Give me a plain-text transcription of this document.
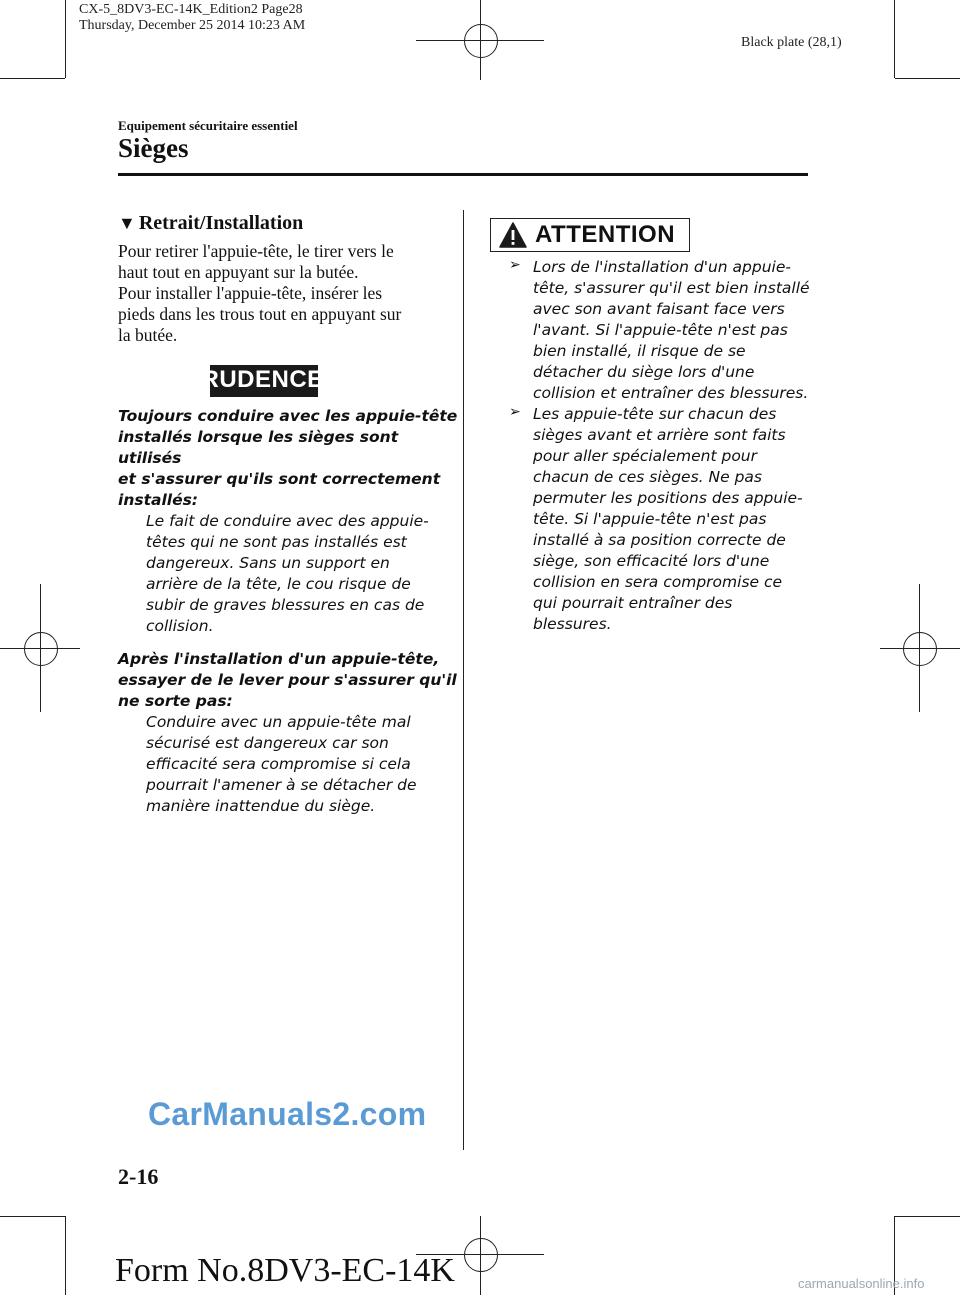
CX-5_8DV3-EC-14K_Edition2 Page28
Thursday, December 25 2014 10:23 AM
Black plate (28,1)
Equipement sécuritaire essentiel
Sièges
▼ Retrait/Installation
Pour retirer l'appuie-tête, le tirer vers le
haut tout en appuyant sur la butée.
Pour installer l'appuie-tête, insérer les
pieds dans les trous tout en appuyant sur
la butée.
PRUDENCE
Toujours conduire avec les appuie-tête
installés lorsque les sièges sont utilisés
et s'assurer qu'ils sont correctement
installés:
Le fait de conduire avec des appuie-
têtes qui ne sont pas installés est
dangereux. Sans un support en
arrière de la tête, le cou risque de
subir de graves blessures en cas de
collision.
Après l'installation d'un appuie-tête,
essayer de le lever pour s'assurer qu'il
ne sorte pas:
Conduire avec un appuie-tête mal
sécurisé est dangereux car son
efficacité sera compromise si cela
pourrait l'amener à se détacher de
manière inattendue du siège.
ATTENTION
➢ Lors de l'installation d'un appuie-
tête, s'assurer qu'il est bien installé
avec son avant faisant face vers
l'avant. Si l'appuie-tête n'est pas
bien installé, il risque de se
détacher du siège lors d'une
collision et entraîner des blessures.
➢ Les appuie-tête sur chacun des
sièges avant et arrière sont faits
pour aller spécialement pour
chacun de ces sièges. Ne pas
permuter les positions des appuie-
tête. Si l'appuie-tête n'est pas
installé à sa position correcte de
siège, son efficacité lors d'une
collision en sera compromise ce
qui pourrait entraîner des
blessures.
CarManuals2.com
2-16
Form No.8DV3-EC-14K	carmanualsonline.info
